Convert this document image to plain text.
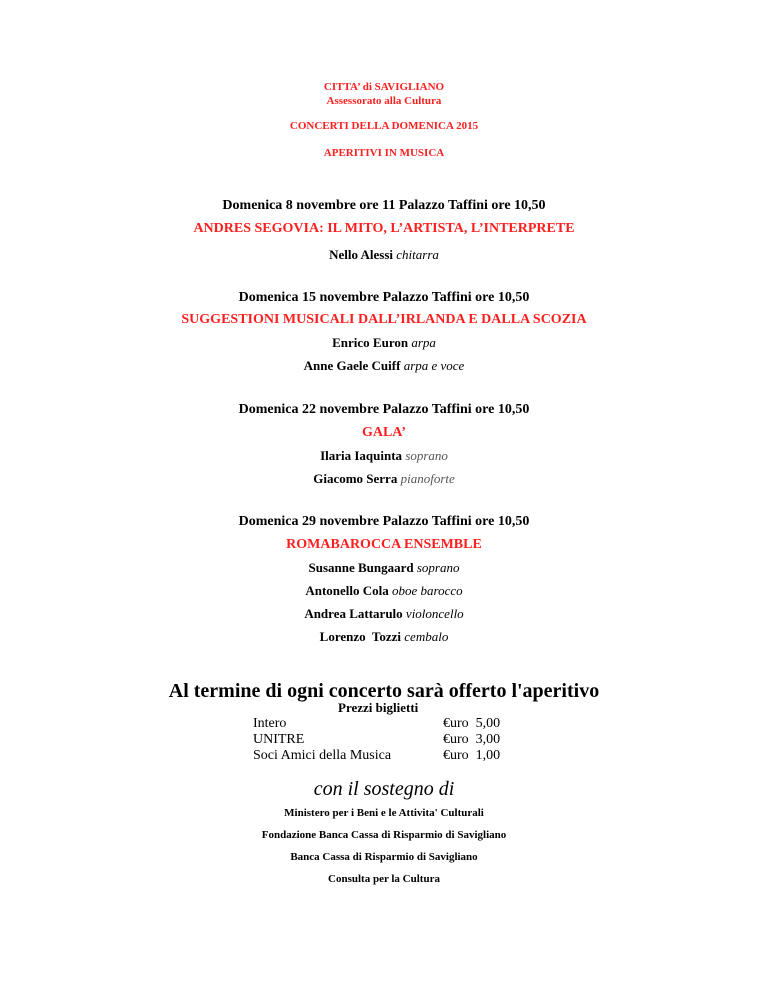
CITTA’ di SAVIGLIANO
Assessorato alla Cultura
CONCERTI DELLA DOMENICA 2015
APERITIVI IN MUSICA
Domenica 8 novembre ore 11 Palazzo Taffini ore 10,50
ANDRES SEGOVIA: IL MITO, L’ARTISTA, L’INTERPRETE
Nello Alessi chitarra
Domenica 15 novembre Palazzo Taffini ore 10,50
SUGGESTIONI MUSICALI DALL’IRLANDA E DALLA SCOZIA
Enrico Euron arpa
Anne Gaele Cuiff arpa e voce
Domenica 22 novembre Palazzo Taffini ore 10,50
GALA’
Ilaria Iaquinta soprano
Giacomo Serra pianoforte
Domenica 29 novembre Palazzo Taffini ore 10,50
ROMABAROCCA ENSEMBLE
Susanne Bungaard soprano
Antonello Cola oboe barocco
Andrea Lattarulo violoncello
Lorenzo  Tozzi cembalo
Al termine di ogni concerto sarà offerto l'aperitivo
Prezzi biglietti
Intero	€uro  5,00
UNITRE	€uro  3,00
Soci Amici della Musica	€uro  1,00
con il sostegno di
Ministero per i Beni e le Attivita' Culturali
Fondazione Banca Cassa di Risparmio di Savigliano
Banca Cassa di Risparmio di Savigliano
Consulta per la Cultura
